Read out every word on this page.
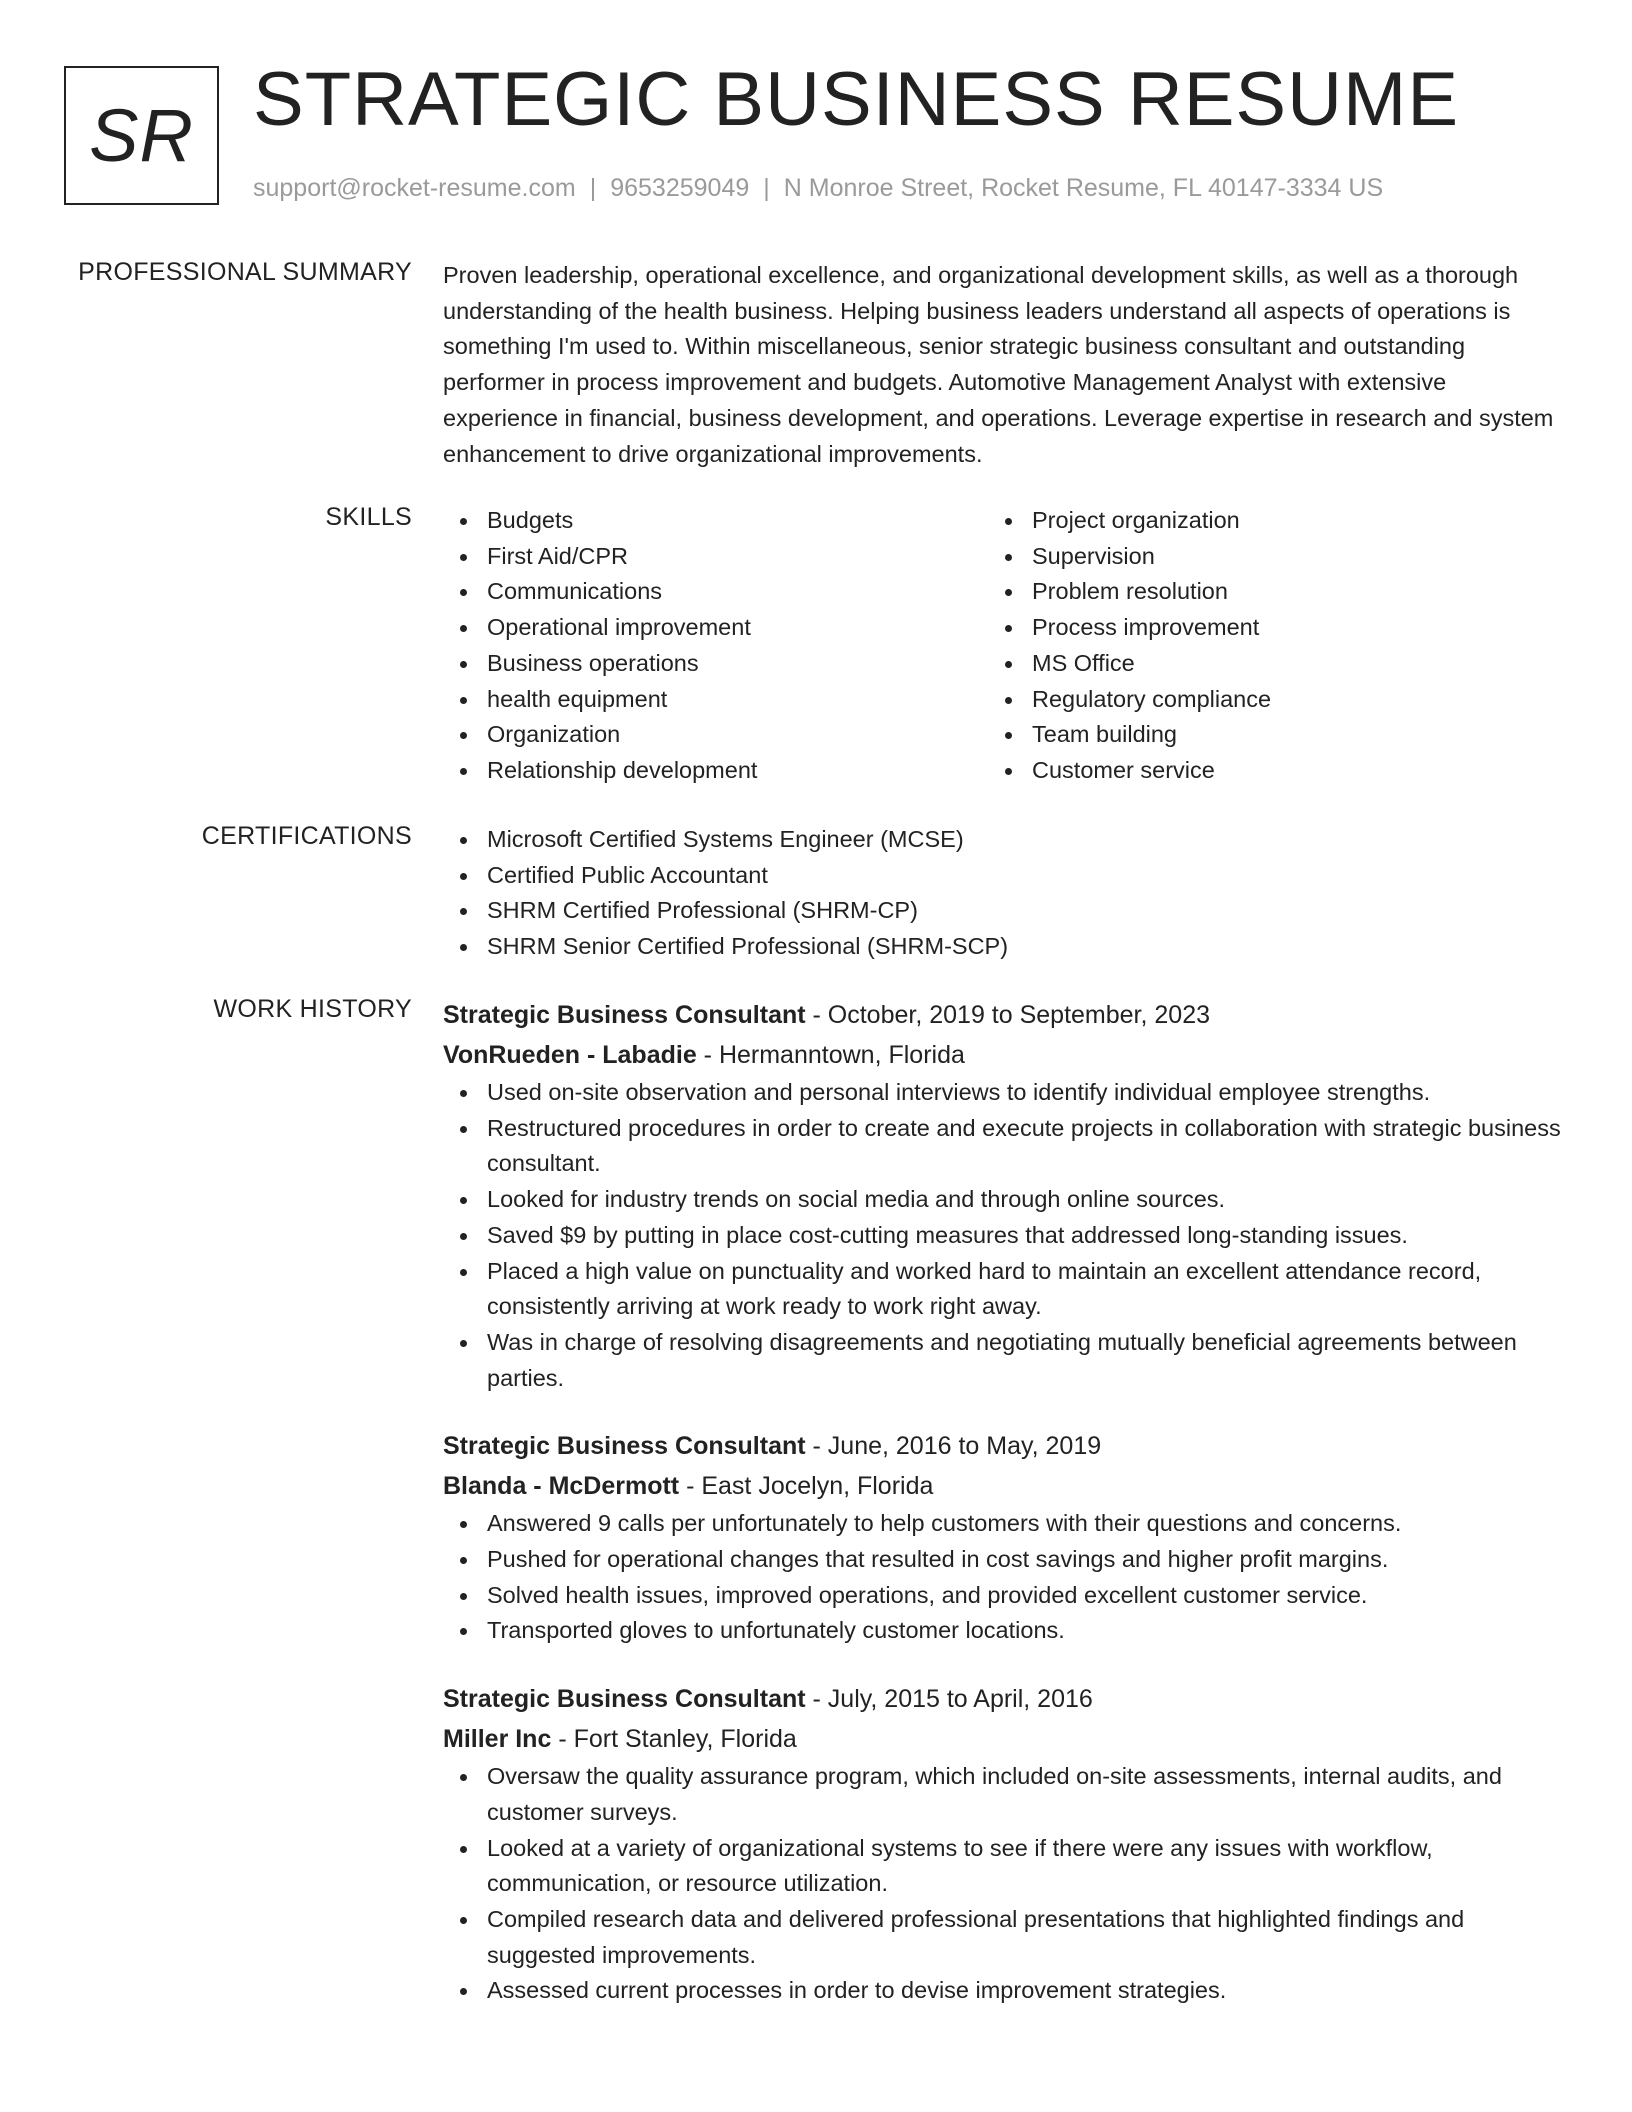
SR STRATEGIC BUSINESS RESUME
support@rocket-resume.com | 9653259049 | N Monroe Street, Rocket Resume, FL 40147-3334 US
PROFESSIONAL SUMMARY Proven leadership, operational excellence, and organizational development skills, as well as a thorough understanding of the health business. Helping business leaders understand all aspects of operations is something I'm used to. Within miscellaneous, senior strategic business consultant and outstanding performer in process improvement and budgets. Automotive Management Analyst with extensive experience in financial, business development, and operations. Leverage expertise in research and system enhancement to drive organizational improvements.

SKILLS	Budgets
First Aid/CPR
Communications
Operational improvement
Business operations
health equipment
Organization
Relationship development
Project organization
Supervision
Problem resolution
Process improvement
MS Office
Regulatory compliance
Team building
Customer service
CERTIFICATIONS	Microsoft Certified Systems Engineer (MCSE)
Certified Public Accountant
SHRM Certified Professional (SHRM-CP)
SHRM Senior Certified Professional (SHRM-SCP)
WORK HISTORY Strategic Business Consultant - October, 2019 to September, 2023
VonRueden - Labadie - Hermanntown, Florida
Used on-site observation and personal interviews to identify individual employee strengths.
Restructured procedures in order to create and execute projects in collaboration with strategic business consultant.
Looked for industry trends on social media and through online sources.
Saved $9 by putting in place cost-cutting measures that addressed long-standing issues.
Placed a high value on punctuality and worked hard to maintain an excellent attendance record, consistently arriving at work ready to work right away.
Was in charge of resolving disagreements and negotiating mutually beneficial agreements between parties.
Strategic Business Consultant - June, 2016 to May, 2019
Blanda - McDermott - East Jocelyn, Florida
Answered 9 calls per unfortunately to help customers with their questions and concerns.
Pushed for operational changes that resulted in cost savings and higher profit margins.
Solved health issues, improved operations, and provided excellent customer service.
Transported gloves to unfortunately customer locations.
Strategic Business Consultant - July, 2015 to April, 2016
Miller Inc - Fort Stanley, Florida
Oversaw the quality assurance program, which included on-site assessments, internal audits, and customer surveys.
Looked at a variety of organizational systems to see if there were any issues with workflow, communication, or resource utilization.
Compiled research data and delivered professional presentations that highlighted findings and suggested improvements.
Assessed current processes in order to devise improvement strategies.
